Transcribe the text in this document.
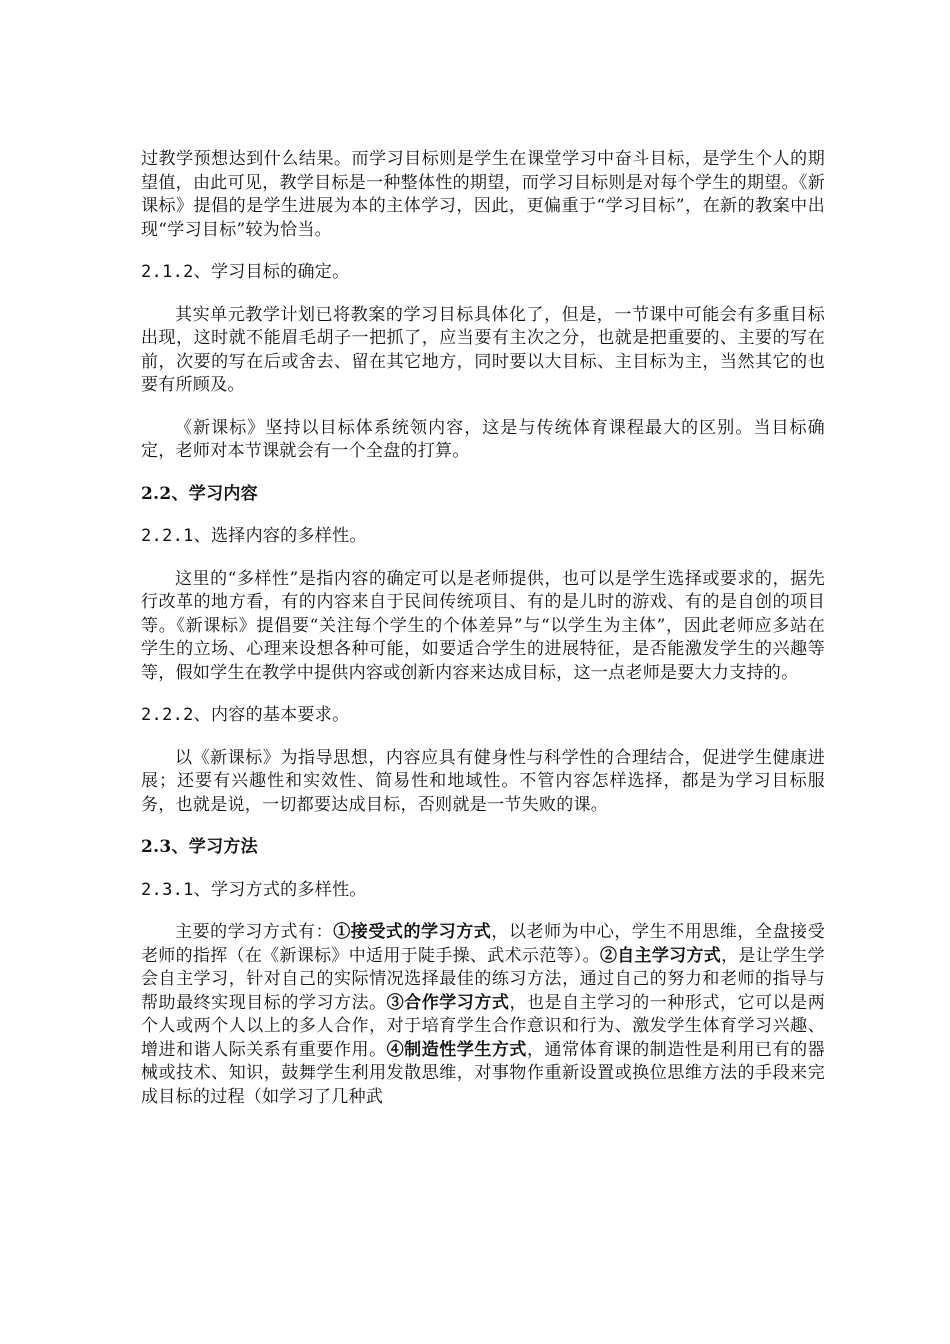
过教学预想达到什么结果。而学习目标则是学生在课堂学习中奋斗目标，是学生个人的期望值，由此可见，教学目标是一种整体性的期望，而学习目标则是对每个学生的期望。《新课标》提倡的是学生进展为本的主体学习，因此，更偏重于“学习目标”，在新的教案中出现“学习目标”较为恰当。

2.1.2、学习目标的确定。

其实单元教学计划已将教案的学习目标具体化了，但是，一节课中可能会有多重目标出现，这时就不能眉毛胡子一把抓了，应当要有主次之分，也就是把重要的、主要的写在前，次要的写在后或舍去、留在其它地方，同时要以大目标、主目标为主，当然其它的也要有所顾及。

《新课标》坚持以目标体系统领内容，这是与传统体育课程最大的区别。当目标确定，老师对本节课就会有一个全盘的打算。

2.2、学习内容

2.2.1、选择内容的多样性。

这里的“多样性”是指内容的确定可以是老师提供，也可以是学生选择或要求的，据先行改革的地方看，有的内容来自于民间传统项目、有的是儿时的游戏、有的是自创的项目等。《新课标》提倡要“关注每个学生的个体差异”与“以学生为主体”，因此老师应多站在学生的立场、心理来设想各种可能，如要适合学生的进展特征，是否能激发学生的兴趣等等，假如学生在教学中提供内容或创新内容来达成目标，这一点老师是要大力支持的。

2.2.2、内容的基本要求。

以《新课标》为指导思想，内容应具有健身性与科学性的合理结合，促进学生健康进展；还要有兴趣性和实效性、简易性和地域性。不管内容怎样选择，都是为学习目标服务，也就是说，一切都要达成目标，否则就是一节失败的课。

2.3、学习方法

2.3.1、学习方式的多样性。

主要的学习方式有：①接受式的学习方式，以老师为中心，学生不用思维，全盘接受老师的指挥（在《新课标》中适用于陡手操、武术示范等）。②自主学习方式，是让学生学会自主学习，针对自己的实际情况选择最佳的练习方法，通过自己的努力和老师的指导与帮助最终实现目标的学习方法。③合作学习方式，也是自主学习的一种形式，它可以是两个人或两个人以上的多人合作，对于培育学生合作意识和行为、激发学生体育学习兴趣、增进和谐人际关系有重要作用。④制造性学生方式，通常体育课的制造性是利用已有的器械或技术、知识，鼓舞学生利用发散思维，对事物作重新设置或换位思维方法的手段来完成目标的过程（如学习了几种武
